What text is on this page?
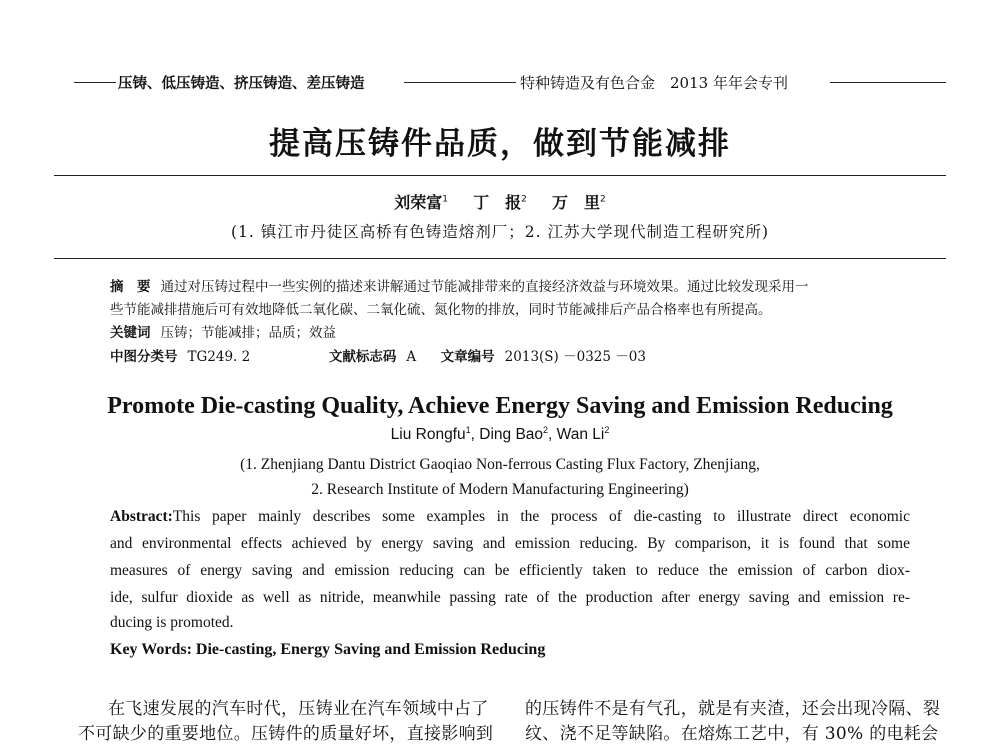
压铸、低压铸造、挤压铸造、差压铸造	特种铸造及有色合金　2013 年年会专刊
提高压铸件品质，做到节能减排
刘荣富$^1$ 丁　报$^2$ 万　里$^2$
(1. 镇江市丹徒区高桥有色铸造熔剂厂；2. 江苏大学现代制造工程研究所)
摘　要 通过对压铸过程中一些实例的描述来讲解通过节能减排带来的直接经济效益与环境效果。通过比较发现采用一
些节能减排措施后可有效地降低二氧化碳、二氧化硫、氮化物的排放，同时节能减排后产品合格率也有所提高。
关键词 压铸；节能减排；品质；效益
中图分类号 TG249. 2	文献标志码 A 文章编号 2013(S) －0325 －03
Promote Die-casting Quality, Achieve Energy Saving and Emission Reducing
Liu Rongfu$^1$, Ding Bao$^2$, Wan Li$^2$
(1. Zhenjiang Dantu District Gaoqiao Non-ferrous Casting Flux Factory, Zhenjiang,
2. Research Institute of Modern Manufacturing Engineering)
Abstract:This paper mainly describes some examples in the process of die-casting to illustrate direct economic
and environmental effects achieved by energy saving and emission reducing. By comparison, it is found that some
measures of energy saving and emission reducing can be efficiently taken to reduce the emission of carbon diox-
ide, sulfur dioxide as well as nitride, meanwhile passing rate of the production after energy saving and emission re-
ducing is promoted.
Key Words: Die-casting, Energy Saving and Emission Reducing
在飞速发展的汽车时代，压铸业在汽车领域中占了
不可缺少的重要地位。压铸件的质量好坏，直接影响到
的压铸件不是有气孔，就是有夹渣，还会出现冷隔、裂
纹、浇不足等缺陷。在熔炼工艺中，有 30% 的电耗会
